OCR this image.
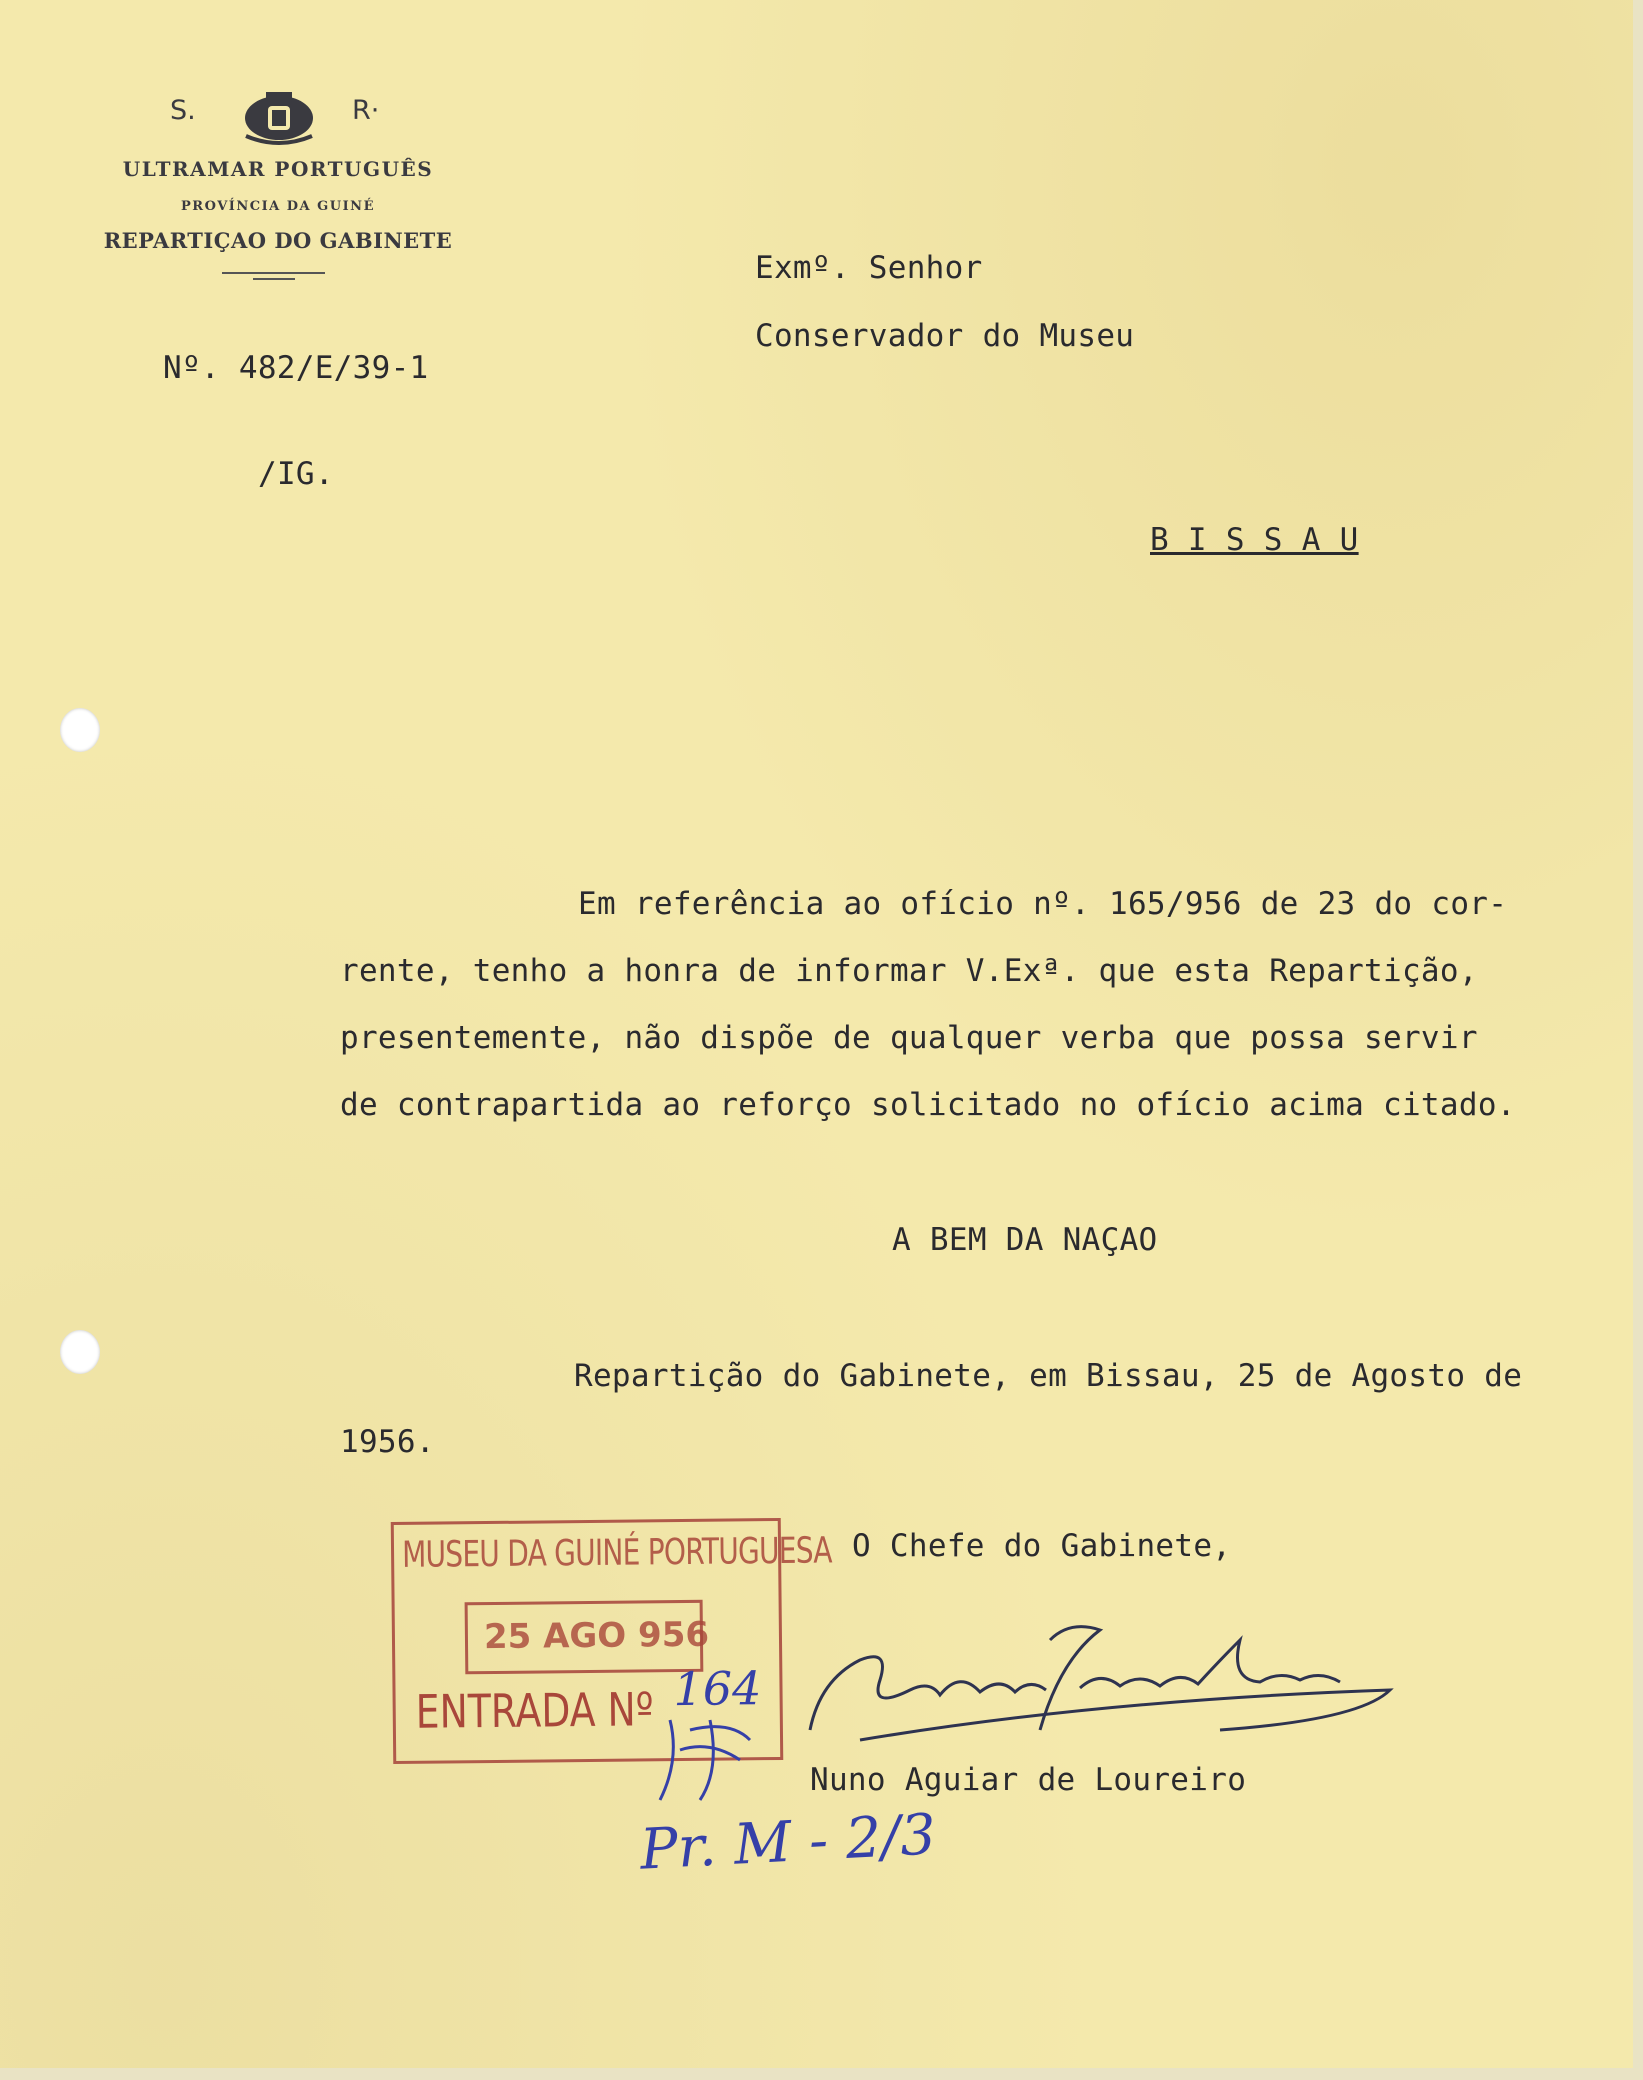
S.	R·
ULTRAMAR PORTUGUÊS
PROVÍNCIA DA GUINÉ
REPARTIÇAO DO GABINETE
Nº. 482/E/39-1
/IG.
Exmº. Senhor
Conservador do Museu
B I S S A U
Em referência ao ofício nº. 165/956 de 23 do cor-
rente, tenho a honra de informar V.Exª. que esta Repartição,
presentemente, não dispõe de qualquer verba que possa servir
de contrapartida ao reforço solicitado no ofício acima citado.
A BEM DA NAÇAO
Repartição do Gabinete, em Bissau, 25 de Agosto de
1956.
O Chefe do Gabinete,
Nuno Aguiar de Loureiro
MUSEU DA GUINÉ PORTUGUESA
25 AGO 956
ENTRADA Nº 164
Pr. M - 2/3
